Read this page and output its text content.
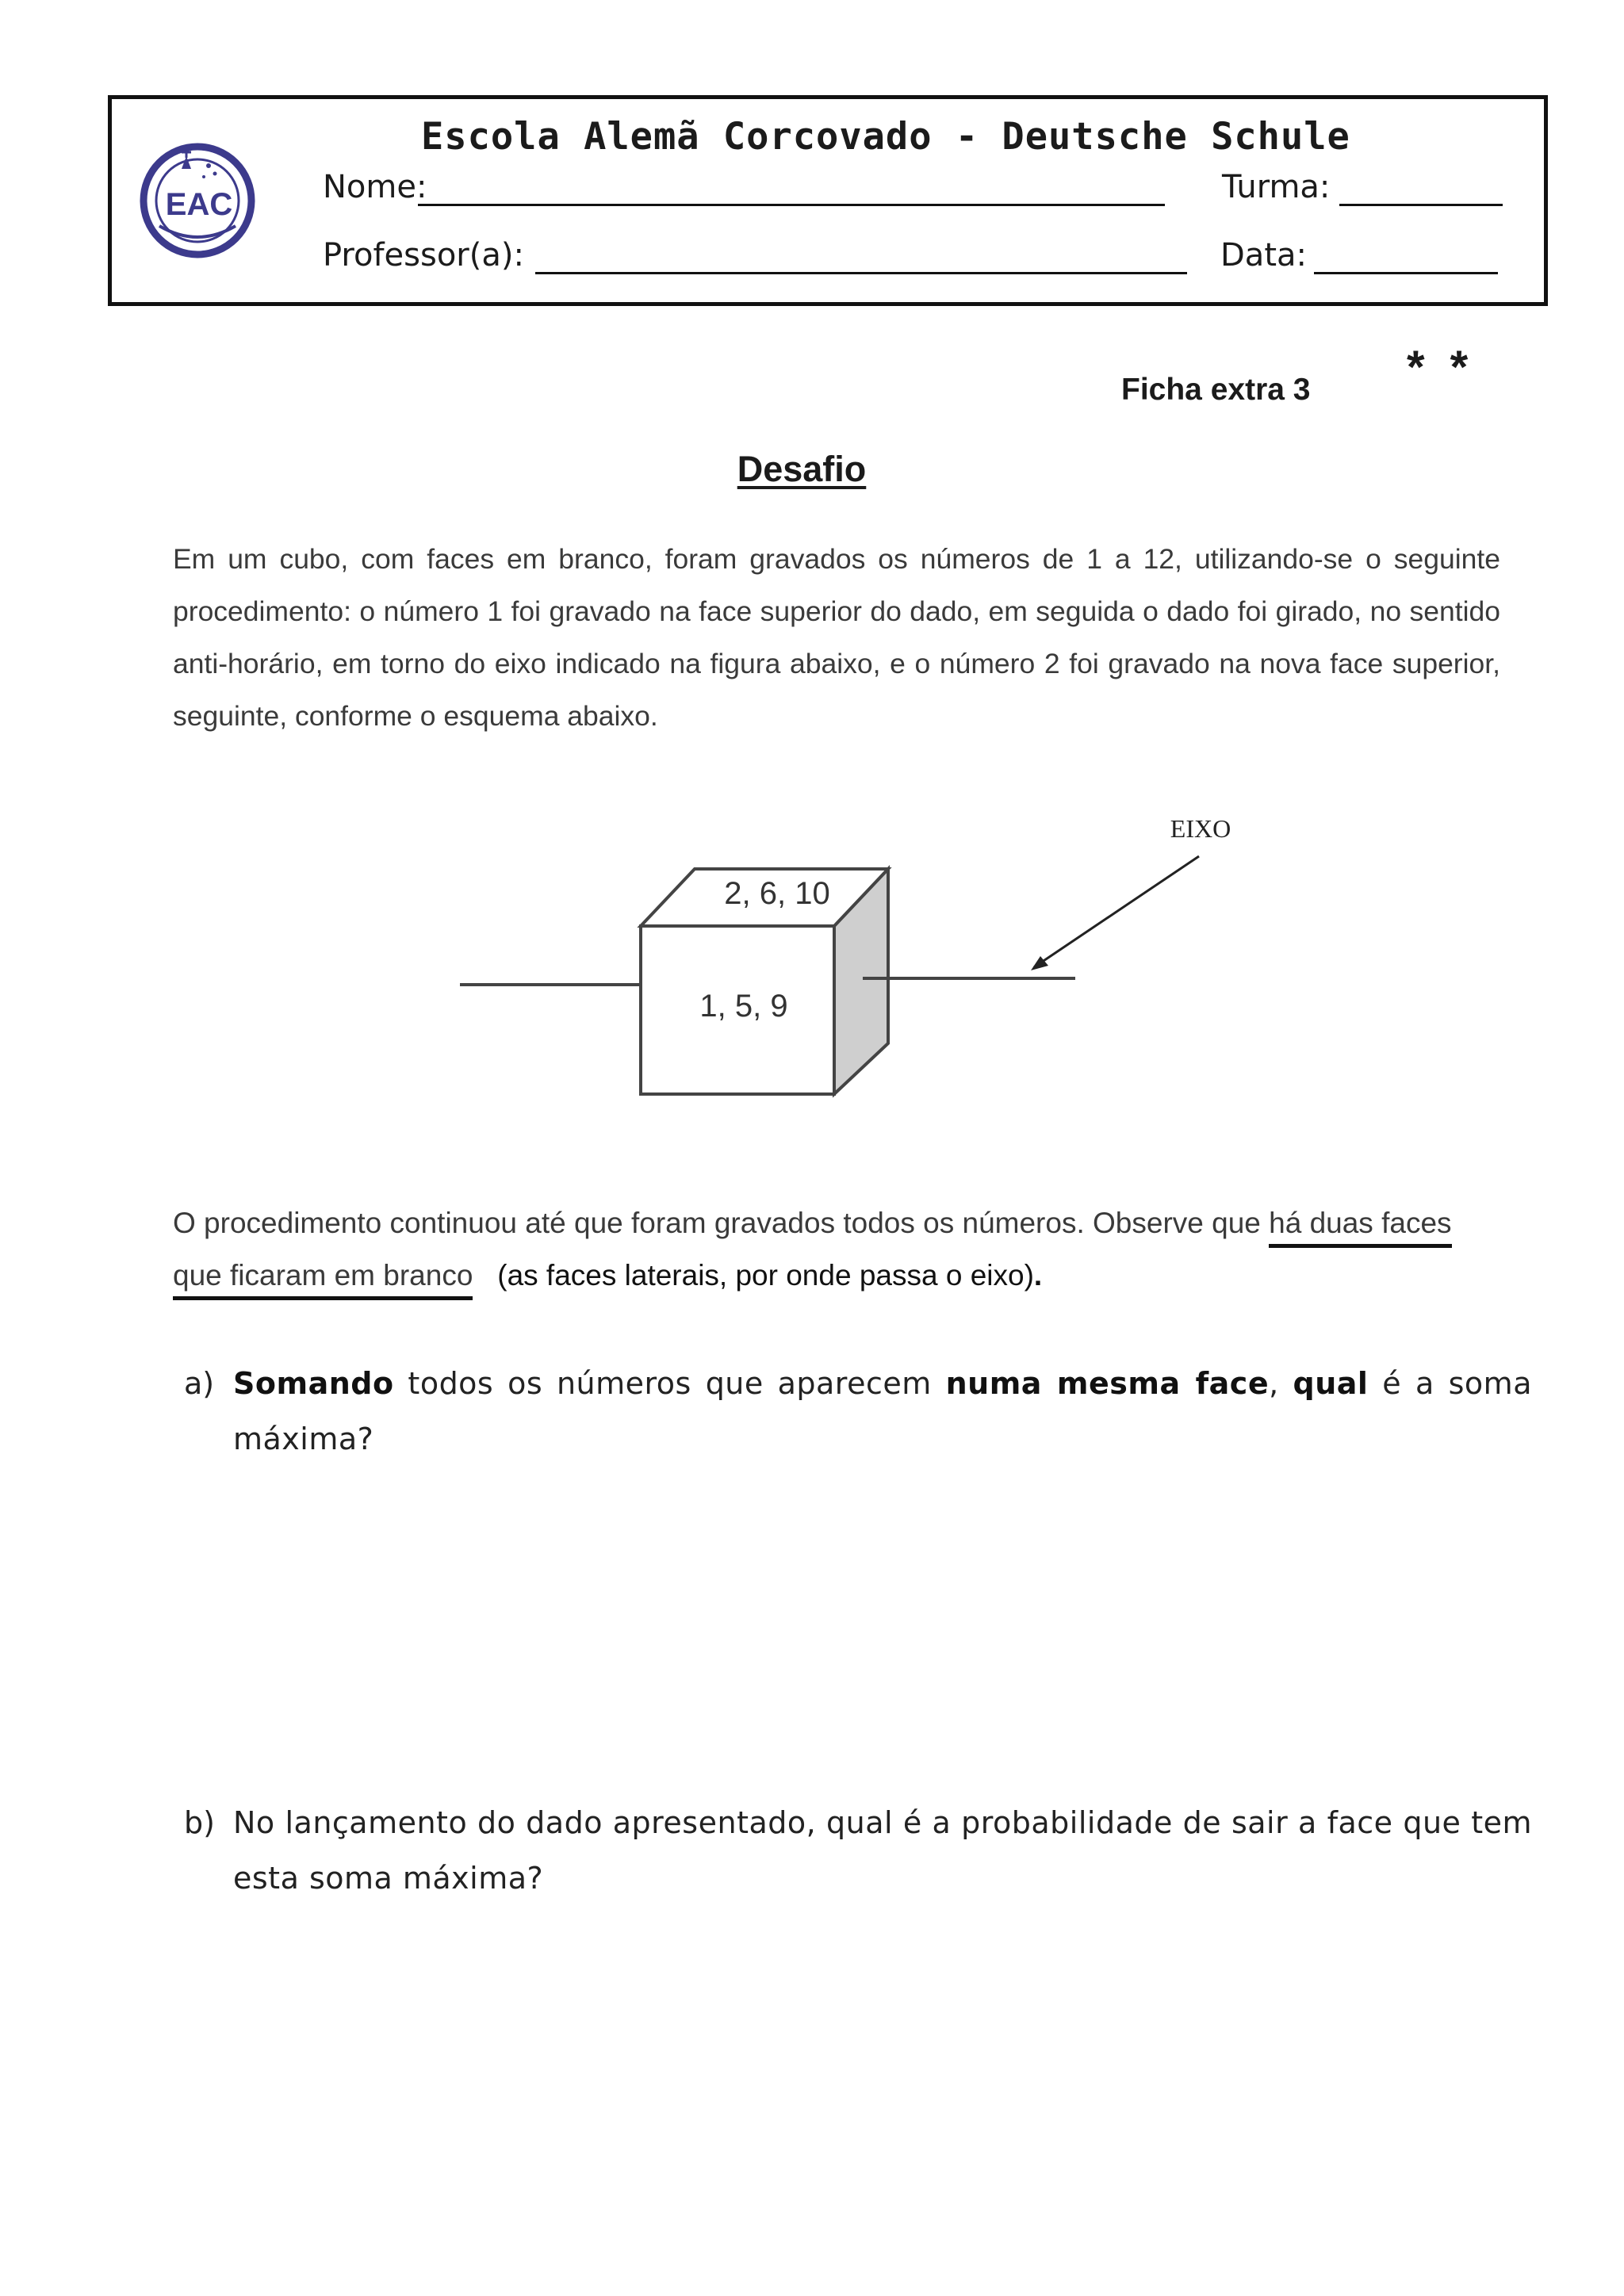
EAC
Escola Alemã Corcovado - Deutsche Schule
Nome:	Turma:
Professor(a):	Data:
Ficha extra 3 * *
Desafio

Em um cubo, com faces em branco, foram gravados os números de 1 a 12, utilizando-se o seguinte procedimento: o número 1 foi gravado na face superior do dado, em seguida o dado foi girado, no sentido anti-horário, em torno do eixo indicado na figura abaixo, e o número 2 foi gravado na nova face superior, seguinte, conforme o esquema abaixo.

2, 6, 10
1, 5, 9
EIXO
O procedimento continuou até que foram gravados todos os números. Observe que há duas faces
que ficaram em branco (as faces laterais, por onde passa o eixo).
a) Somando todos os números que aparecem numa mesma face, qual é a soma máxima?
b) No lançamento do dado apresentado, qual é a probabilidade de sair a face que tem esta soma máxima?
